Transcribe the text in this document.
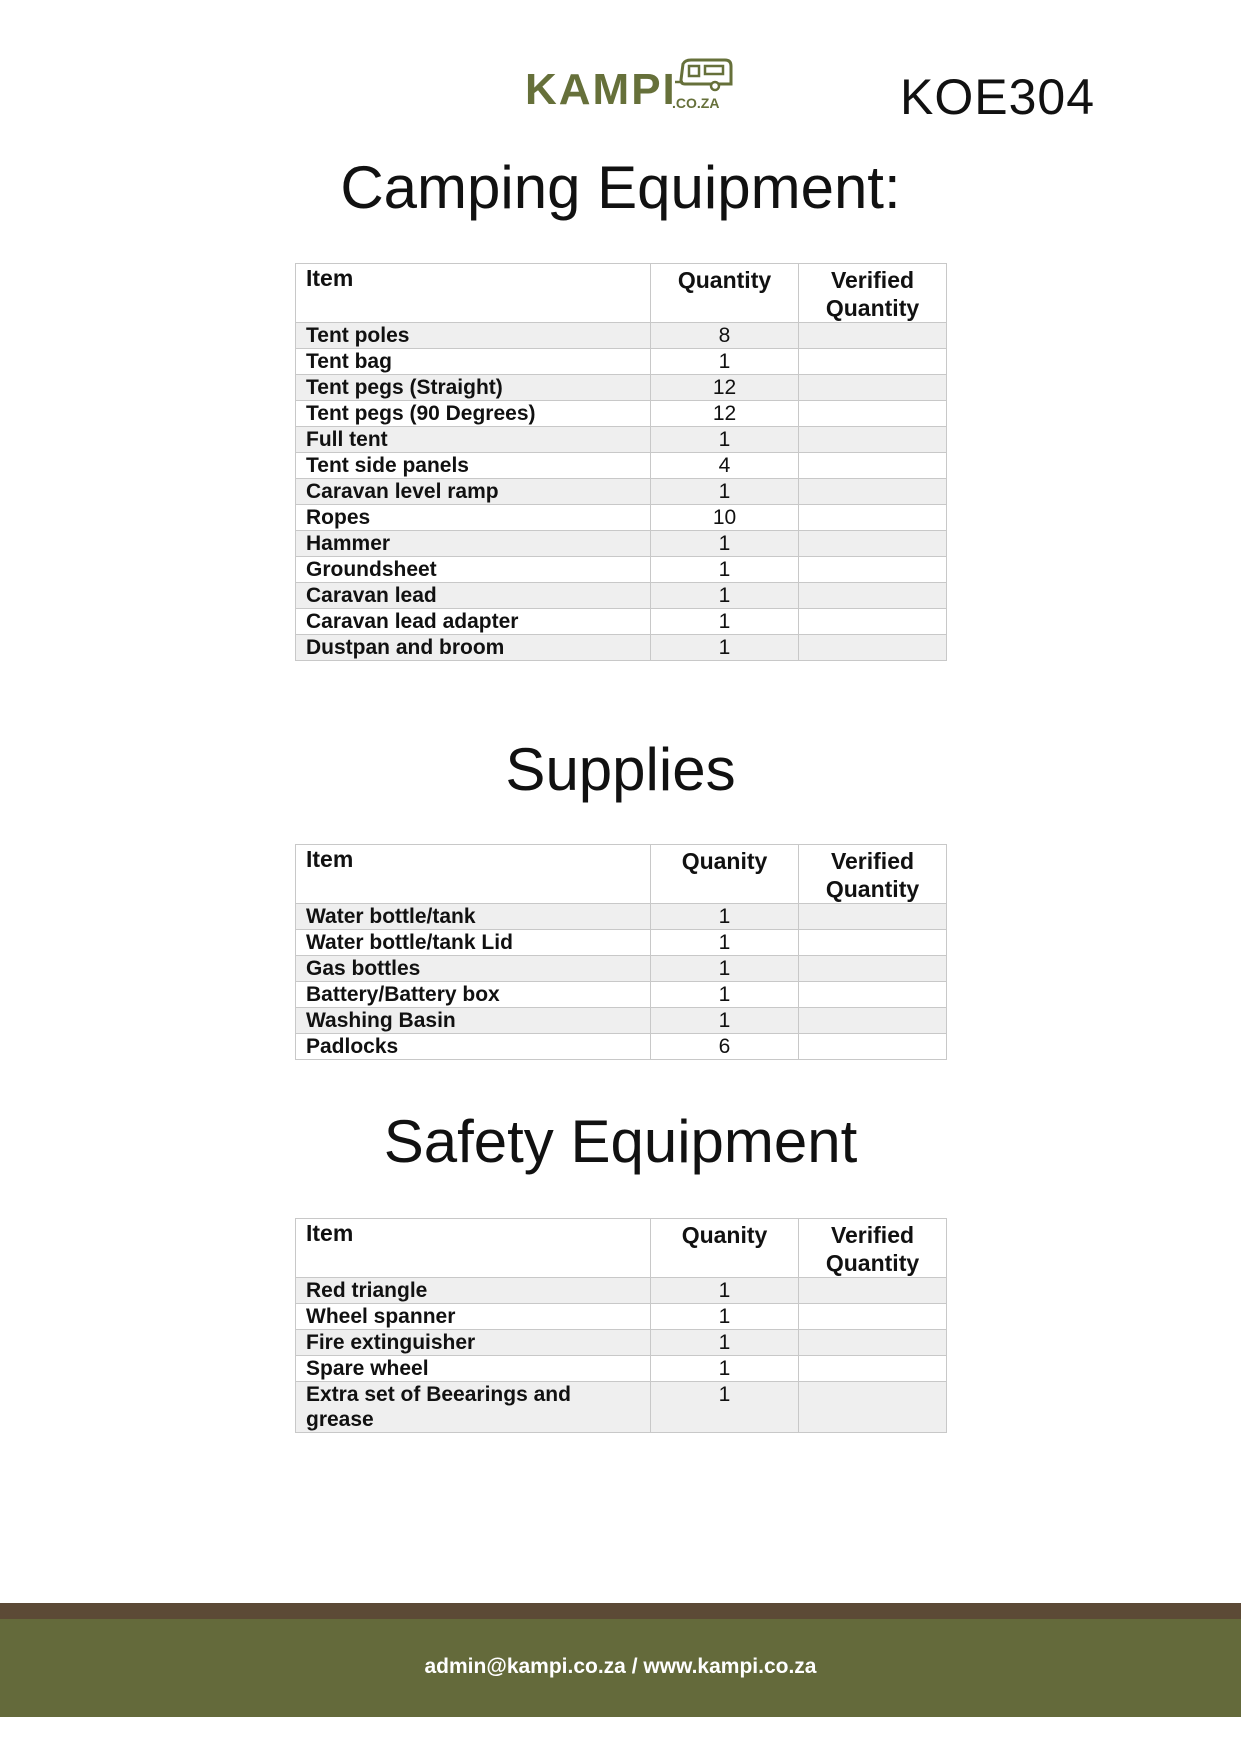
KAMPI
.CO.ZA	KOE304
Camping Equipment:
Item	Quantity	Verified Quantity
Tent poles	8	
Tent bag	1	
Tent pegs (Straight)	12	
Tent pegs (90 Degrees)	12	
Full tent	1	
Tent side panels	4	
Caravan level ramp	1	
Ropes	10	
Hammer	1	
Groundsheet	1	
Caravan lead	1	
Caravan lead adapter	1	
Dustpan and broom	1	
Supplies
Item	Quanity	Verified Quantity
Water bottle/tank	1	
Water bottle/tank Lid	1	
Gas bottles	1	
Battery/Battery box	1	
Washing Basin	1	
Padlocks	6	
Safety Equipment
Item	Quanity	Verified Quantity
Red triangle	1	
Wheel spanner	1	
Fire extinguisher	1	
Spare wheel	1	
Extra set of Beearings and grease	1	
admin@kampi.co.za / www.kampi.co.za
